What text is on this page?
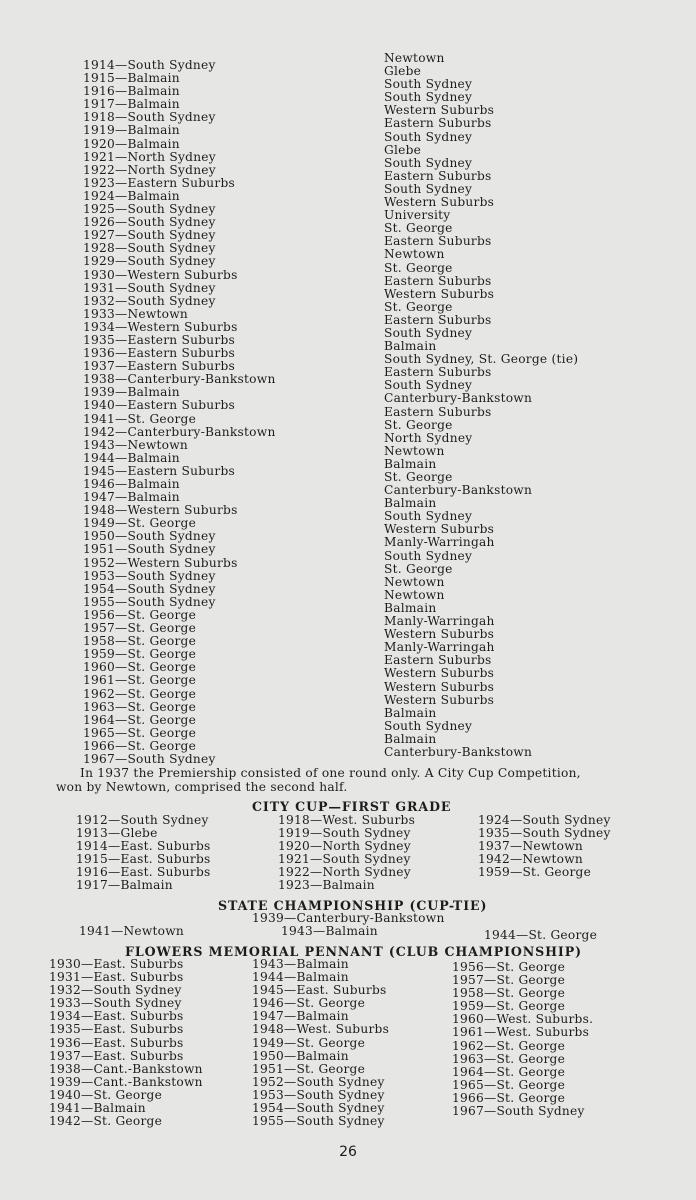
1914—South Sydney
1915—Balmain
1916—Balmain
1917—Balmain
1918—South Sydney
1919—Balmain
1920—Balmain
1921—North Sydney
1922—North Sydney
1923—Eastern Suburbs
1924—Balmain
1925—South Sydney
1926—South Sydney
1927—South Sydney
1928—South Sydney
1929—South Sydney
1930—Western Suburbs
1931—South Sydney
1932—South Sydney
1933—Newtown
1934—Western Suburbs
1935—Eastern Suburbs
1936—Eastern Suburbs
1937—Eastern Suburbs
1938—Canterbury-Bankstown
1939—Balmain
1940—Eastern Suburbs
1941—St. George
1942—Canterbury-Bankstown
1943—Newtown
1944—Balmain
1945—Eastern Suburbs
1946—Balmain
1947—Balmain
1948—Western Suburbs
1949—St. George
1950—South Sydney
1951—South Sydney
1952—Western Suburbs
1953—South Sydney
1954—South Sydney
1955—South Sydney
1956—St. George
1957—St. George
1958—St. George
1959—St. George
1960—St. George
1961—St. George
1962—St. George
1963—St. George
1964—St. George
1965—St. George
1966—St. George
1967—South Sydney
Newtown
Glebe
South Sydney
South Sydney
Western Suburbs
Eastern Suburbs
South Sydney
Glebe
South Sydney
Eastern Suburbs
South Sydney
Western Suburbs
University
St. George
Eastern Suburbs
Newtown
St. George
Eastern Suburbs
Western Suburbs
St. George
Eastern Suburbs
South Sydney
Balmain
South Sydney, St. George (tie)
Eastern Suburbs
South Sydney
Canterbury-Bankstown
Eastern Suburbs
St. George
North Sydney
Newtown
Balmain
St. George
Canterbury-Bankstown
Balmain
South Sydney
Western Suburbs
Manly-Warringah
South Sydney
St. George
Newtown
Newtown
Balmain
Manly-Warringah
Western Suburbs
Manly-Warringah
Eastern Suburbs
Western Suburbs
Western Suburbs
Western Suburbs
Balmain
South Sydney
Balmain
Canterbury-Bankstown
In 1937 the Premiership consisted of one round only. A City Cup Competition,
won by Newtown, comprised the second half.
CITY CUP—FIRST GRADE
1912—South Sydney
1913—Glebe
1914—East. Suburbs
1915—East. Suburbs
1916—East. Suburbs
1917—Balmain
1918—West. Suburbs
1919—South Sydney
1920—North Sydney
1921—South Sydney
1922—North Sydney
1923—Balmain
1924—South Sydney
1935—South Sydney
1937—Newtown
1942—Newtown
1959—St. George
STATE CHAMPIONSHIP (CUP-TIE)
1939—Canterbury-Bankstown
1941—Newtown	1943—Balmain	1944—St. George
FLOWERS MEMORIAL PENNANT (CLUB CHAMPIONSHIP)
1930—East. Suburbs
1931—East. Suburbs
1932—South Sydney
1933—South Sydney
1934—East. Suburbs
1935—East. Suburbs
1936—East. Suburbs
1937—East. Suburbs
1938—Cant.-Bankstown
1939—Cant.-Bankstown
1940—St. George
1941—Balmain
1942—St. George
1943—Balmain
1944—Balmain
1945—East. Suburbs
1946—St. George
1947—Balmain
1948—West. Suburbs
1949—St. George
1950—Balmain
1951—St. George
1952—South Sydney
1953—South Sydney
1954—South Sydney
1955—South Sydney
1956—St. George
1957—St. George
1958—St. George
1959—St. George
1960—West. Suburbs.
1961—West. Suburbs
1962—St. George
1963—St. George
1964—St. George
1965—St. George
1966—St. George
1967—South Sydney
26
